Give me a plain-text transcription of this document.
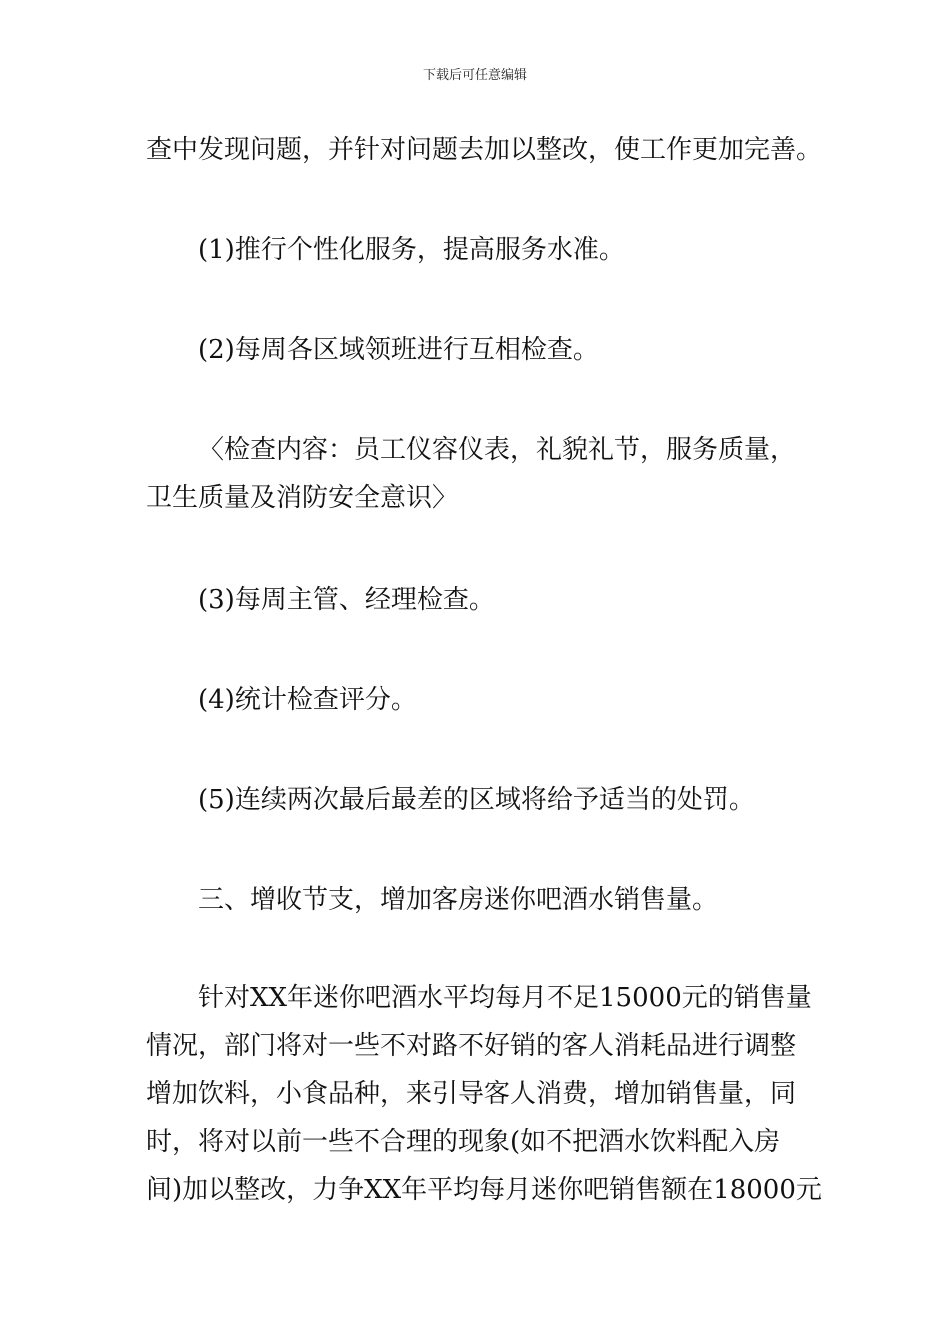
下载后可任意编辑
查中发现问题，并针对问题去加以整改，使工作更加完善。
(1)推行个性化服务，提高服务水准。
(2)每周各区域领班进行互相检查。
〈检查内容：员工仪容仪表，礼貌礼节，服务质量，
卫生质量及消防安全意识〉
(3)每周主管、经理检查。
(4)统计检查评分。
(5)连续两次最后最差的区域将给予适当的处罚。
三、增收节支，增加客房迷你吧酒水销售量。
针对XX年迷你吧酒水平均每月不足15000元的销售量
情况，部门将对一些不对路不好销的客人消耗品进行调整
增加饮料，小食品种，来引导客人消费，增加销售量，同
时，将对以前一些不合理的现象(如不把酒水饮料配入房
间)加以整改，力争XX年平均每月迷你吧销售额在18000元
